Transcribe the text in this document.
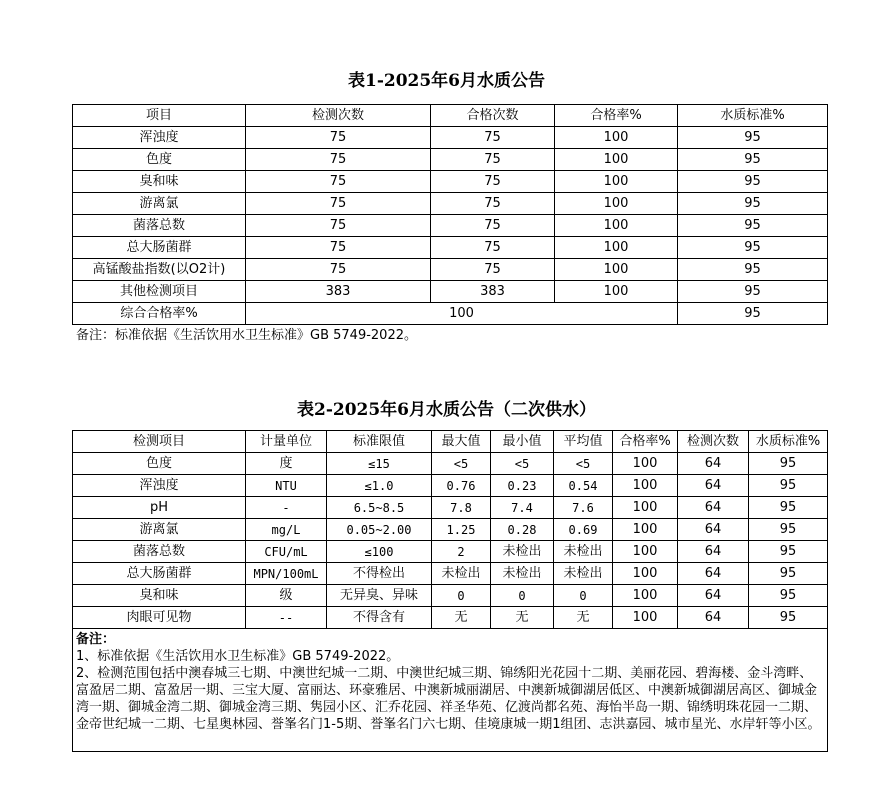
表1-2025年6月水质公告
项目	检测次数	合格次数	合格率%	水质标准%
浑浊度	75	75	100	95
色度	75	75	100	95
臭和味	75	75	100	95
游离氯	75	75	100	95
菌落总数	75	75	100	95
总大肠菌群	75	75	100	95
高锰酸盐指数(以O2计)	75	75	100	95
其他检测项目	383	383	100	95
综合合格率%	100			95
备注：标准依据《生活饮用水卫生标准》GB 5749-2022。
表2-2025年6月水质公告（二次供水）
检测项目	计量单位	标准限值	最大值	最小值	平均值	合格率%	检测次数	水质标准%
色度	度	≤15	<5	<5	<5	100	64	95
浑浊度	NTU	≤1.0	0.76	0.23	0.54	100	64	95
pH	-	6.5~8.5	7.8	7.4	7.6	100	64	95
游离氯	mg/L	0.05~2.00	1.25	0.28	0.69	100	64	95
菌落总数	CFU/mL	≤100	2	未检出	未检出	100	64	95
总大肠菌群	MPN/100mL	不得检出	未检出	未检出	未检出	100	64	95
臭和味	级	无异臭、异味	0	0	0	100	64	95
肉眼可见物	--	不得含有	无	无	无	100	64	95

备注：
1、标准依据《生活饮用水卫生标准》GB 5749-2022。
2、检测范围包括中澳春城三七期、中澳世纪城一二期、中澳世纪城三期、锦绣阳光花园十二期、美丽花园、碧海楼、金斗湾畔、富盈居二期、富盈居一期、三宝大厦、富丽达、环豪雅居、中澳新城丽湖居、中澳新城御湖居低区、中澳新城御湖居高区、御城金湾一期、御城金湾二期、御城金湾三期、隽园小区、汇乔花园、祥圣华苑、亿渡尚都名苑、海怡半岛一期、锦绣明珠花园一二期、金帝世纪城一二期、七星奥林园、誉峯名门1-5期、誉峯名门六七期、佳境康城一期1组团、志洪嘉园、城市星光、水岸轩等小区。								
